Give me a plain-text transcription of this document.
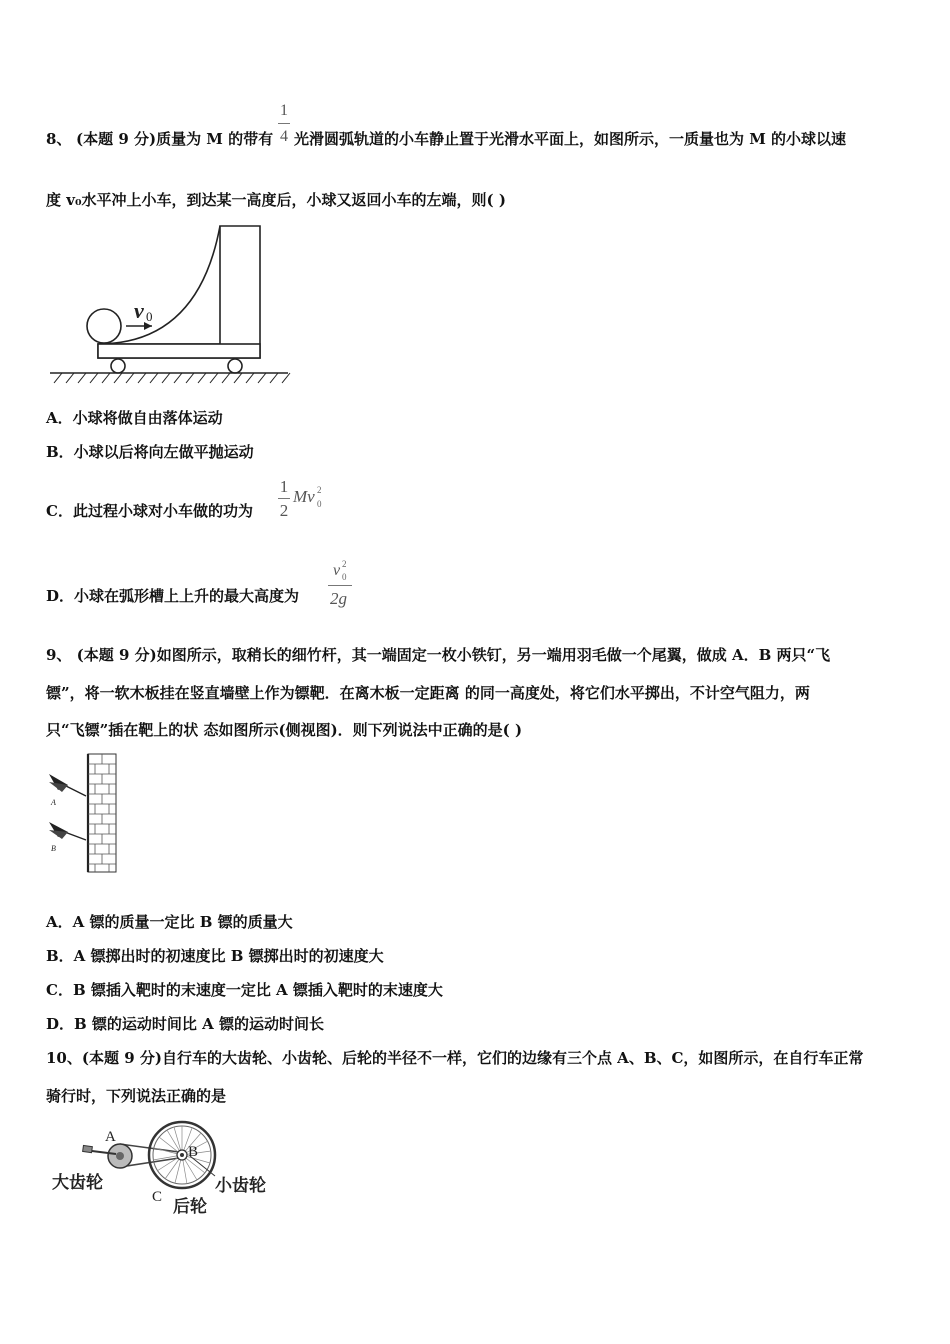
8、 (本题 9 分)质量为 M 的带有
1
4 光滑圆弧轨道的小车静止置于光滑水平面上，如图所示，一质量也为 M 的小球以速
度 v₀水平冲上小车，到达某一高度后，小球又返回小车的左端，则( )
v 0
A．小球将做自由落体运动
B．小球以后将向左做平抛运动
C．此过程小球对小车做的功为
1
2
Mv 2
0
D．小球在弧形槽上上升的最大高度为
v 2
0
2g
9、 (本题 9 分)如图所示，取稍长的细竹杆，其一端固定一枚小铁钉，另一端用羽毛做一个尾翼，做成 A．B 两只“飞
镖”，将一软木板挂在竖直墙壁上作为镖靶．在离木板一定距离 的同一高度处，将它们水平掷出，不计空气阻力，两
只“飞镖”插在靶上的状 态如图所示(侧视图)．则下列说法中正确的是( )
A
B
A．A 镖的质量一定比 B 镖的质量大
B．A 镖掷出时的初速度比 B 镖掷出时的初速度大
C．B 镖插入靶时的末速度一定比 A 镖插入靶时的末速度大
D．B 镖的运动时间比 A 镖的运动时间长
10、(本题 9 分)自行车的大齿轮、小齿轮、后轮的半径不一样，它们的边缘有三个点 A、B、C，如图所示，在自行车正常
骑行时，下列说法正确的是
A
B
C
大齿轮	小齿轮
后轮
